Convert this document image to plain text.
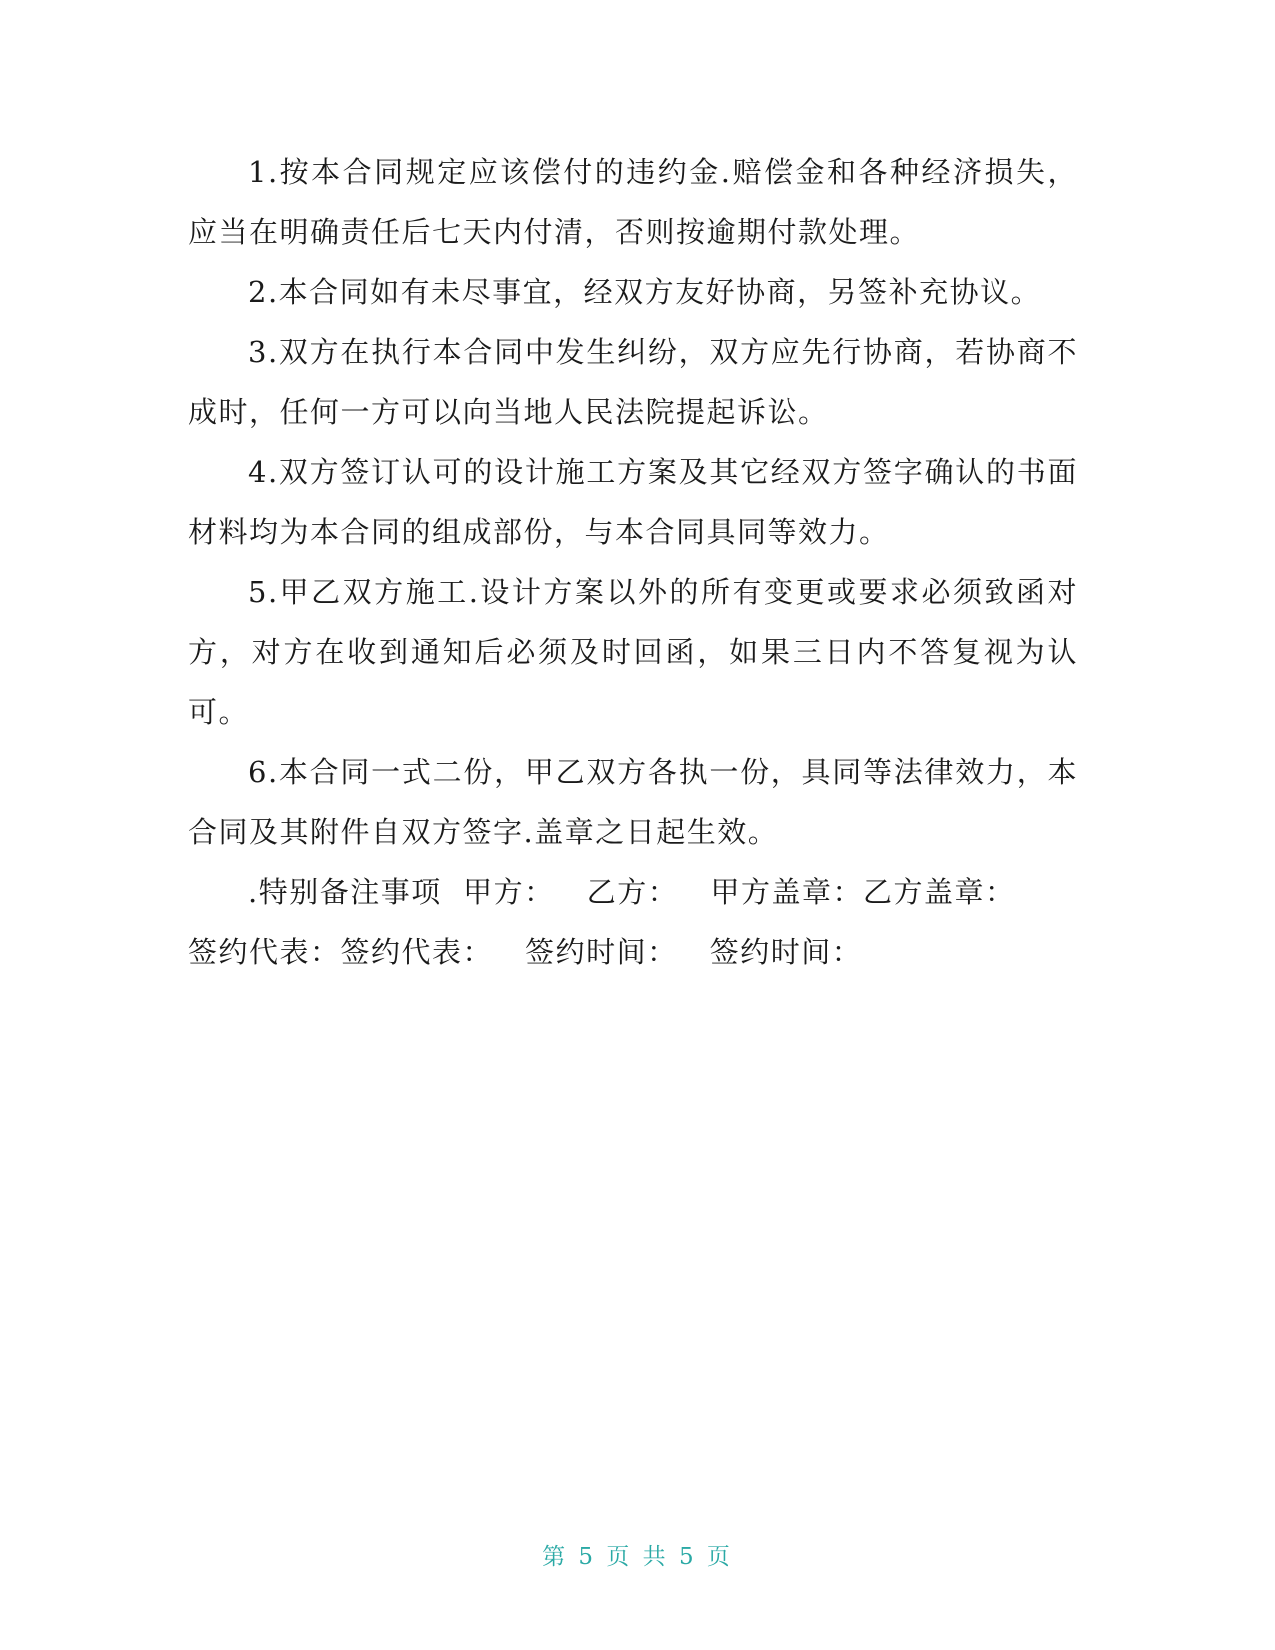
1.按本合同规定应该偿付的违约金.赔偿金和各种经济损失，应当在明确责任后七天内付清，否则按逾期付款处理。

2.本合同如有未尽事宜，经双方友好协商，另签补充协议。

3.双方在执行本合同中发生纠纷，双方应先行协商，若协商不成时，任何一方可以向当地人民法院提起诉讼。

4.双方签订认可的设计施工方案及其它经双方签字确认的书面材料均为本合同的组成部份，与本合同具同等效力。

5.甲乙双方施工.设计方案以外的所有变更或要求必须致函对方，对方在收到通知后必须及时回函，如果三日内不答复视为认可。

6.本合同一式二份，甲乙双方各执一份，具同等法律效力，本合同及其附件自双方签字.盖章之日起生效。

.特别备注事项  甲方：   乙方：   甲方盖章：乙方盖章：

签约代表：签约代表：   签约时间：   签约时间：

第 5 页 共 5 页
